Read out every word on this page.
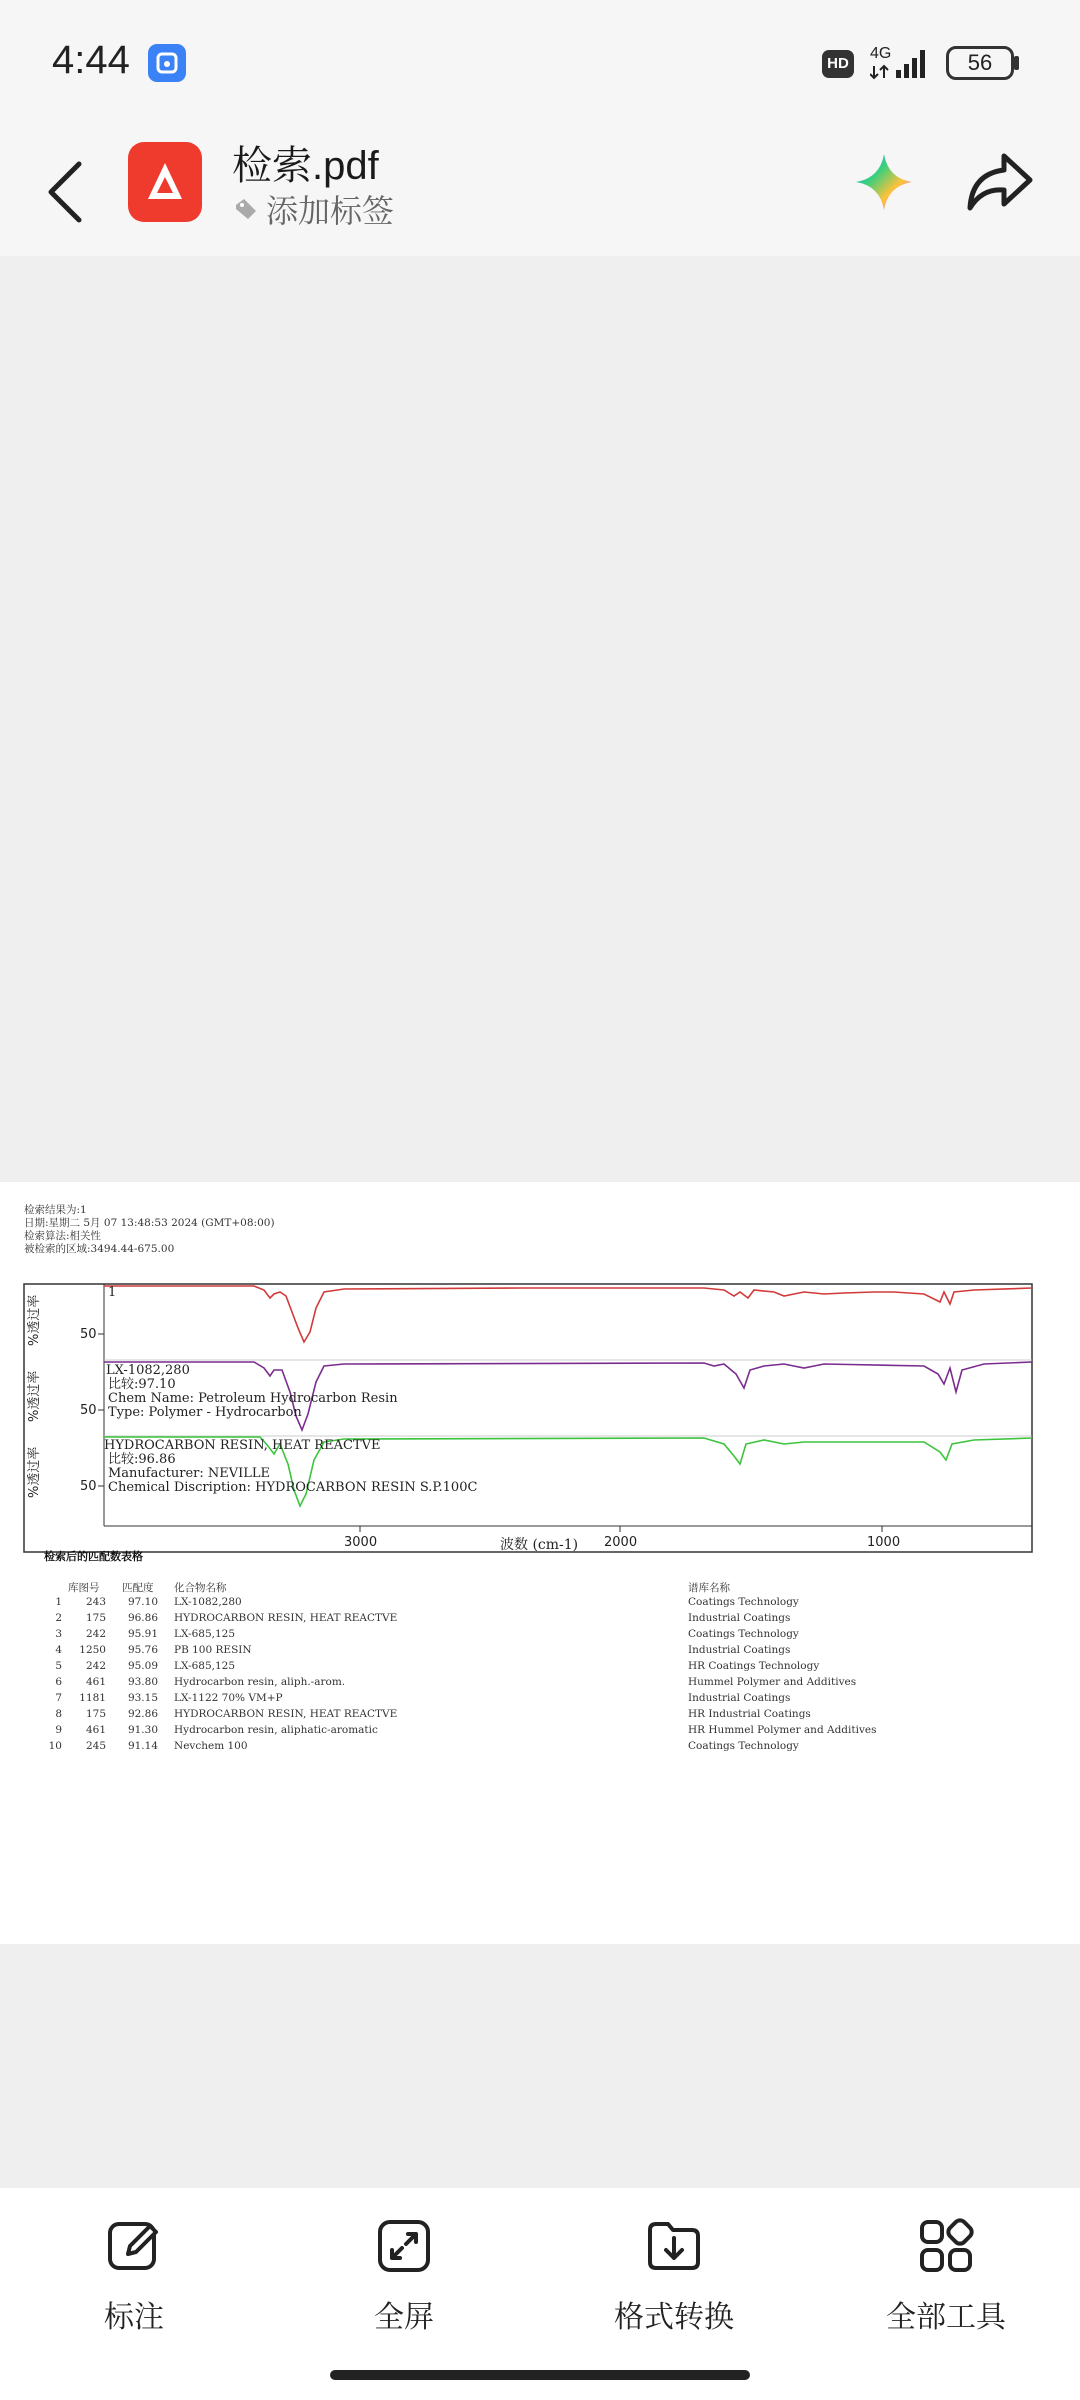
4:44	HD
4G	56
检索.pdf
添加标签
检索结果为:1
日期:星期二 5月 07 13:48:53 2024 (GMT+08:00)
检索算法:相关性
被检索的区域:3494.44-675.00
%透过率
%透过率
%透过率
50
50
50
1
LX-1082,280
比较:97.10
Chem Name: Petroleum Hydrocarbon Resin
Type: Polymer - Hydrocarbon
HYDROCARBON RESIN, HEAT REACTVE
比较:96.86
Manufacturer: NEVILLE
Chemical Discription: HYDROCARBON RESIN S.P.100C
3000	2000	1000
波数 (cm-1)
检索后的匹配数表格
库图号 匹配度 化合物名称	谱库名称
1	243	97.10 LX-1082,280	Coatings Technology
2	175	96.86 HYDROCARBON RESIN, HEAT REACTVE	Industrial Coatings
3	242	95.91 LX-685,125	Coatings Technology
4	1250	95.76 PB 100 RESIN	Industrial Coatings
5	242	95.09 LX-685,125	HR Coatings Technology
6	461	93.80 Hydrocarbon resin, aliph.-arom.	Hummel Polymer and Additives
7	1181	93.15 LX-1122 70% VM+P	Industrial Coatings
8	175	92.86 HYDROCARBON RESIN, HEAT REACTVE	HR Industrial Coatings
9	461	91.30 Hydrocarbon resin, aliphatic-aromatic	HR Hummel Polymer and Additives
10	245	91.14 Nevchem 100	Coatings Technology
标注	全屏	格式转换	全部工具
